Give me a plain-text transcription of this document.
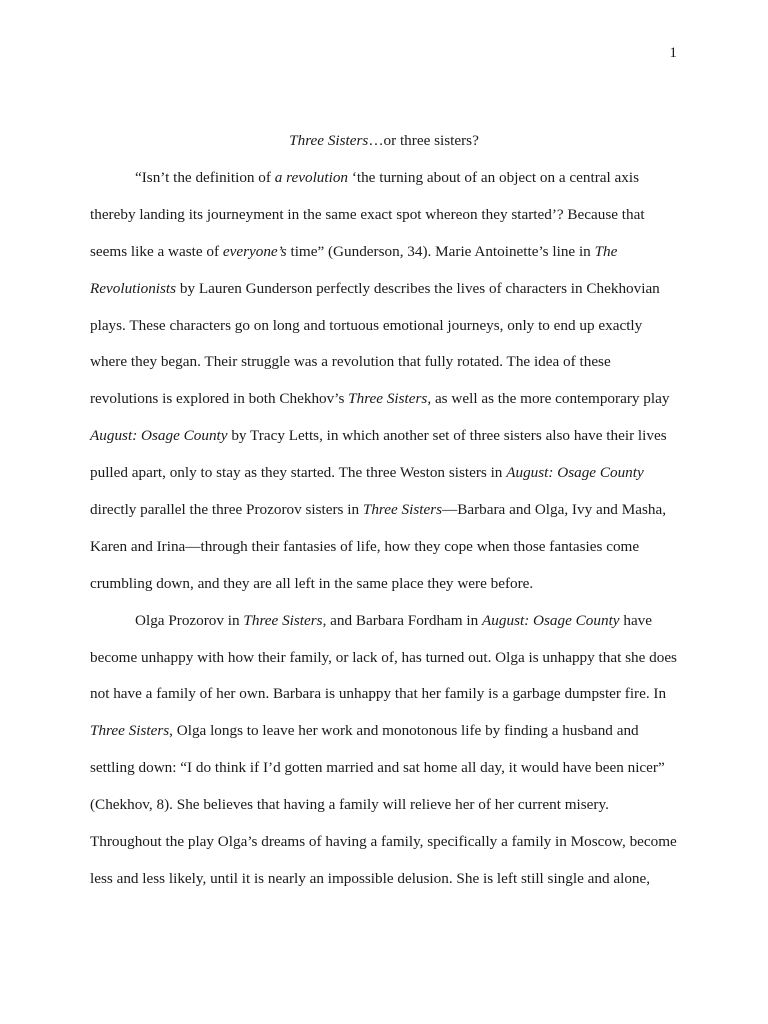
1
Three Sisters…or three sisters?
“Isn’t the definition of a revolution ‘the turning about of an object on a central axis
thereby landing its journeyment in the same exact spot whereon they started’? Because that
seems like a waste of everyone’s time” (Gunderson, 34). Marie Antoinette’s line in The
Revolutionists by Lauren Gunderson perfectly describes the lives of characters in Chekhovian
plays. These characters go on long and tortuous emotional journeys, only to end up exactly
where they began. Their struggle was a revolution that fully rotated. The idea of these
revolutions is explored in both Chekhov’s Three Sisters, as well as the more contemporary play
August: Osage County by Tracy Letts, in which another set of three sisters also have their lives
pulled apart, only to stay as they started. The three Weston sisters in August: Osage County
directly parallel the three Prozorov sisters in Three Sisters—Barbara and Olga, Ivy and Masha,
Karen and Irina—through their fantasies of life, how they cope when those fantasies come
crumbling down, and they are all left in the same place they were before.
Olga Prozorov in Three Sisters, and Barbara Fordham in August: Osage County have
become unhappy with how their family, or lack of, has turned out. Olga is unhappy that she does
not have a family of her own. Barbara is unhappy that her family is a garbage dumpster fire. In
Three Sisters, Olga longs to leave her work and monotonous life by finding a husband and
settling down: “I do think if I’d gotten married and sat home all day, it would have been nicer”
(Chekhov, 8). She believes that having a family will relieve her of her current misery.
Throughout the play Olga’s dreams of having a family, specifically a family in Moscow, become
less and less likely, until it is nearly an impossible delusion. She is left still single and alone,
